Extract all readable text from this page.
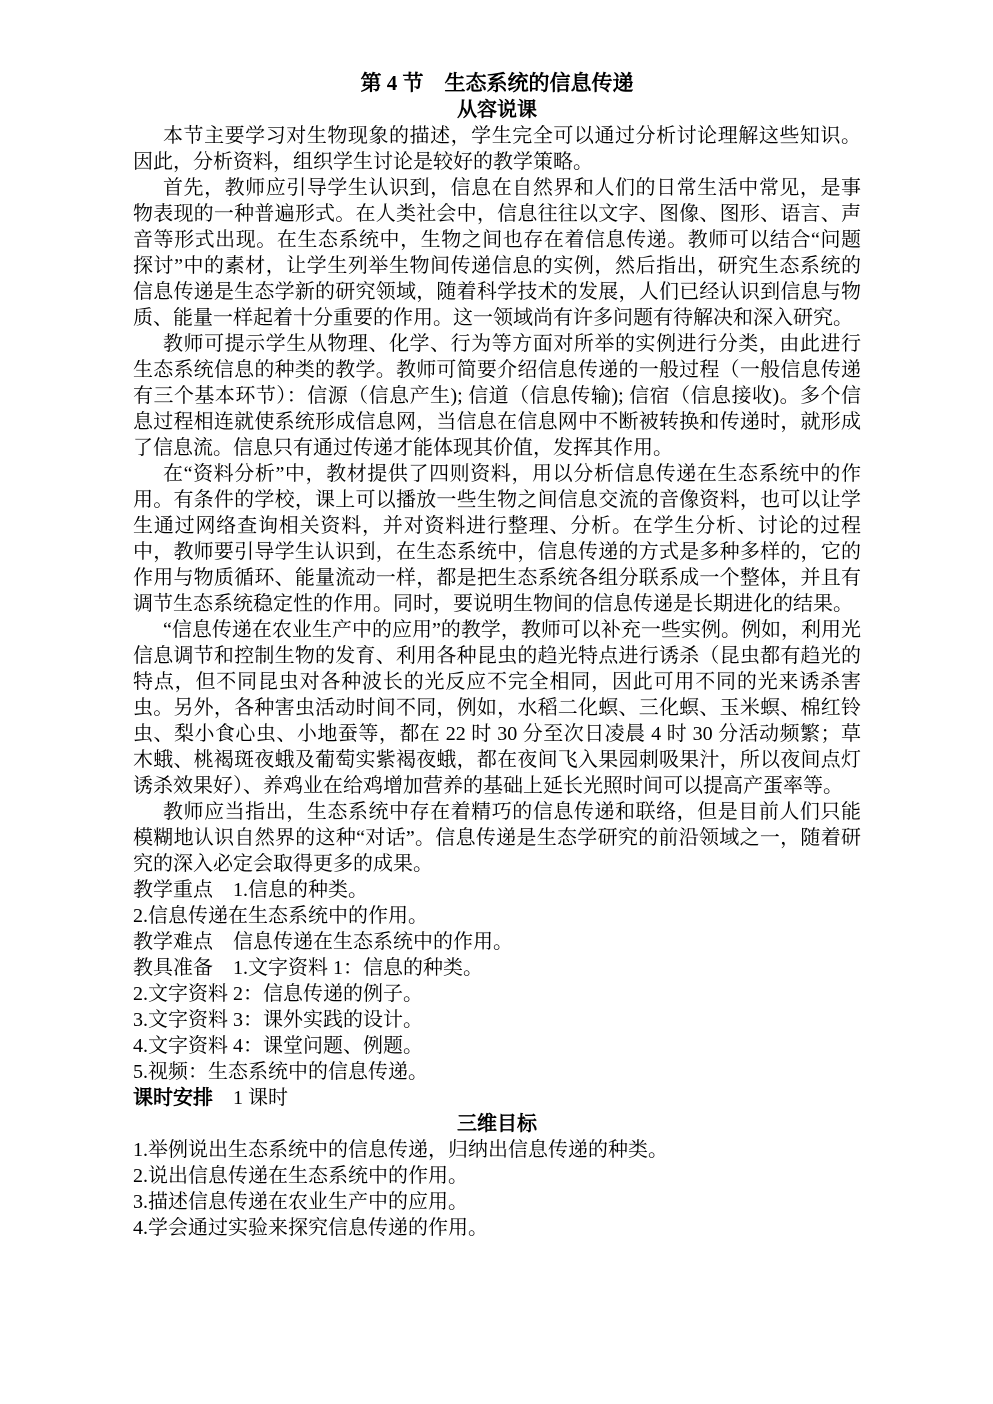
第 4 节　生态系统的信息传递
从容说课

本节主要学习对生物现象的描述，学生完全可以通过分析讨论理解这些知识。因此，分析资料，组织学生讨论是较好的教学策略。

首先，教师应引导学生认识到，信息在自然界和人们的日常生活中常见，是事物表现的一种普遍形式。在人类社会中，信息往往以文字、图像、图形、语言、声音等形式出现。在生态系统中，生物之间也存在着信息传递。教师可以结合“问题探讨”中的素材，让学生列举生物间传递信息的实例，然后指出，研究生态系统的信息传递是生态学新的研究领域，随着科学技术的发展，人们已经认识到信息与物质、能量一样起着十分重要的作用。这一领域尚有许多问题有待解决和深入研究。

教师可提示学生从物理、化学、行为等方面对所举的实例进行分类，由此进行生态系统信息的种类的教学。教师可简要介绍信息传递的一般过程（一般信息传递有三个基本环节）：信源（信息产生); 信道（信息传输); 信宿（信息接收)。多个信息过程相连就使系统形成信息网，当信息在信息网中不断被转换和传递时，就形成了信息流。信息只有通过传递才能体现其价值，发挥其作用。

在“资料分析”中，教材提供了四则资料，用以分析信息传递在生态系统中的作用。有条件的学校，课上可以播放一些生物之间信息交流的音像资料，也可以让学生通过网络查询相关资料，并对资料进行整理、分析。在学生分析、讨论的过程中，教师要引导学生认识到，在生态系统中，信息传递的方式是多种多样的，它的作用与物质循环、能量流动一样，都是把生态系统各组分联系成一个整体，并且有调节生态系统稳定性的作用。同时，要说明生物间的信息传递是长期进化的结果。

“信息传递在农业生产中的应用”的教学，教师可以补充一些实例。例如，利用光信息调节和控制生物的发育、利用各种昆虫的趋光特点进行诱杀（昆虫都有趋光的特点，但不同昆虫对各种波长的光反应不完全相同，因此可用不同的光来诱杀害虫。另外，各种害虫活动时间不同，例如，水稻二化螟、三化螟、玉米螟、棉红铃虫、梨小食心虫、小地蚕等，都在 22 时 30 分至次日凌晨 4 时 30 分活动频繁；草木蛾、桃褐斑夜蛾及葡萄实紫褐夜蛾，都在夜间飞入果园刺吸果汁，所以夜间点灯诱杀效果好）、养鸡业在给鸡增加营养的基础上延长光照时间可以提高产蛋率等。

教师应当指出，生态系统中存在着精巧的信息传递和联络，但是目前人们只能模糊地认识自然界的这种“对话”。信息传递是生态学研究的前沿领域之一，随着研究的深入必定会取得更多的成果。

教学重点　1.信息的种类。

2.信息传递在生态系统中的作用。

教学难点　信息传递在生态系统中的作用。

教具准备　1.文字资料 1：信息的种类。

2.文字资料 2：信息传递的例子。

3.文字资料 3：课外实践的设计。

4.文字资料 4：课堂问题、例题。

5.视频：生态系统中的信息传递。

课时安排　1 课时

三维目标

1.举例说出生态系统中的信息传递，归纳出信息传递的种类。

2.说出信息传递在生态系统中的作用。

3.描述信息传递在农业生产中的应用。

4.学会通过实验来探究信息传递的作用。
